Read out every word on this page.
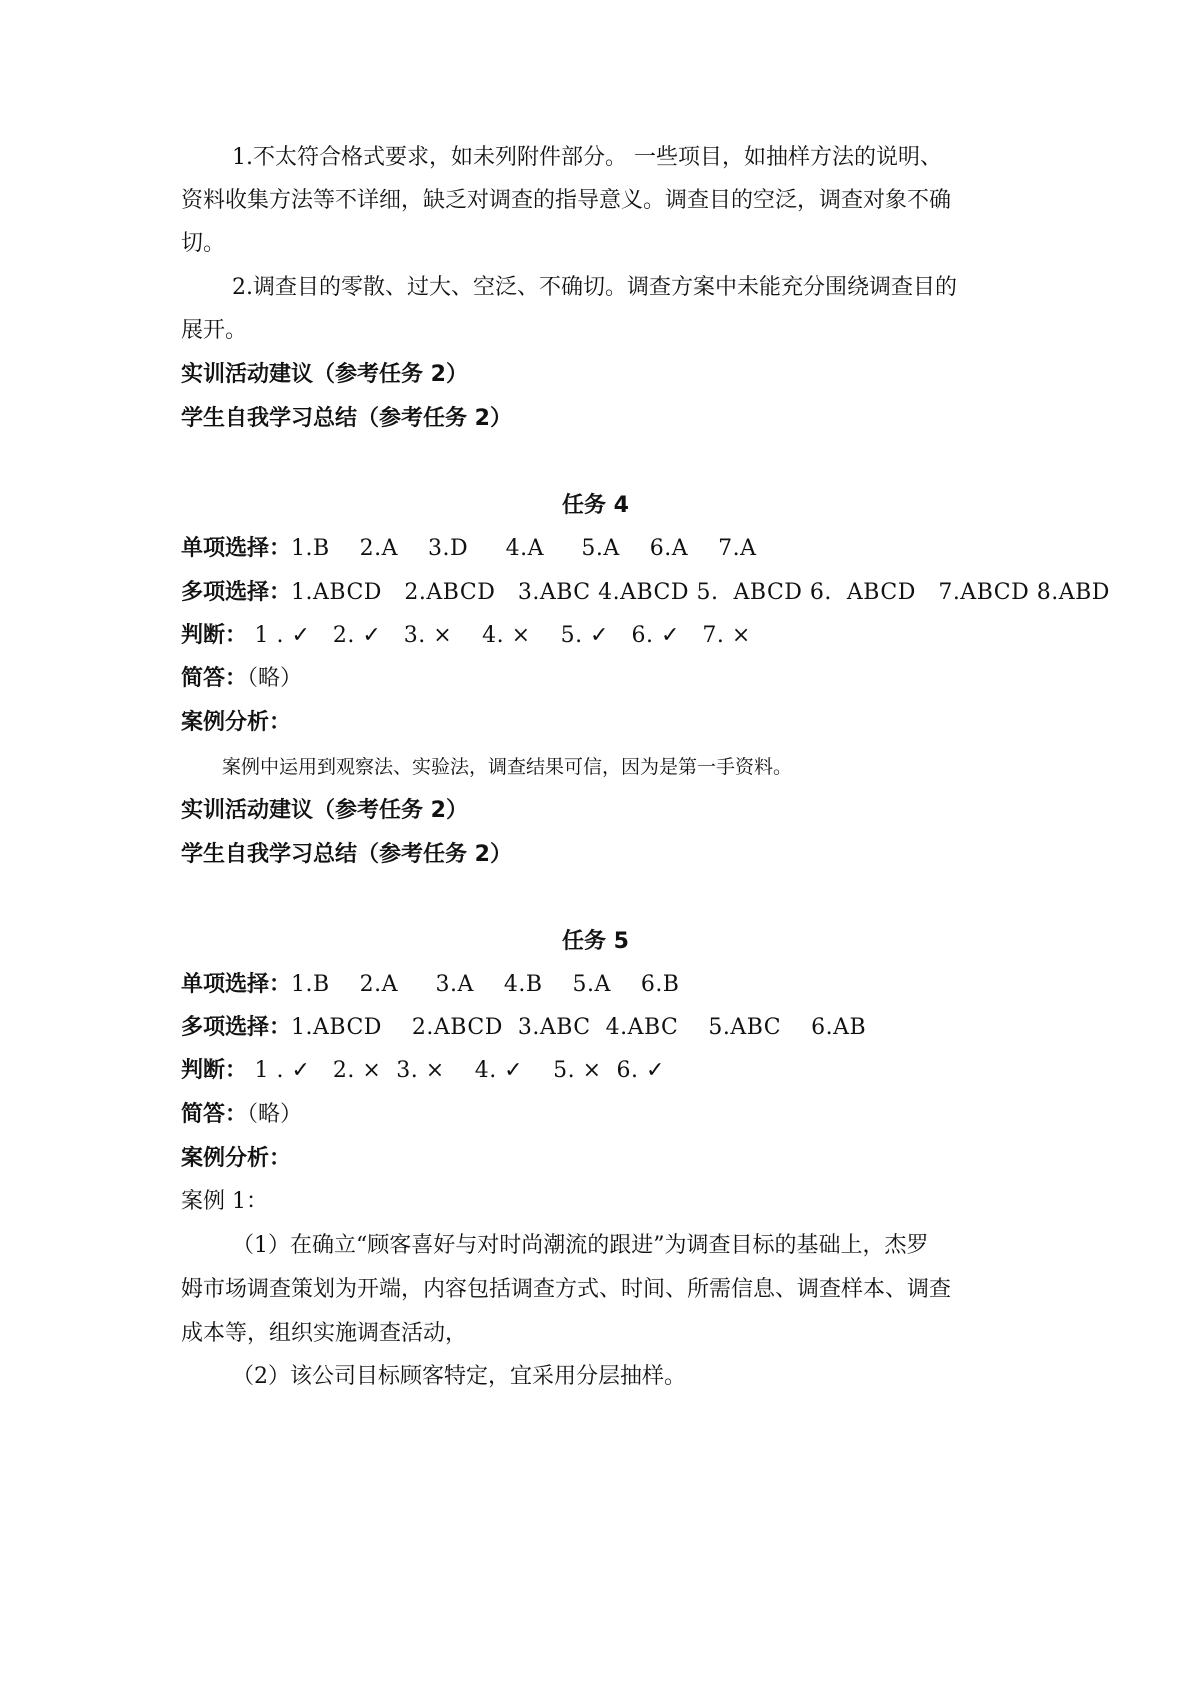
1.不太符合格式要求，如未列附件部分。 一些项目，如抽样方法的说明、
资料收集方法等不详细，缺乏对调查的指导意义。调查目的空泛，调查对象不确
切。
2.调查目的零散、过大、空泛、不确切。调查方案中未能充分围绕调查目的
展开。
实训活动建议（参考任务 2）
学生自我学习总结（参考任务 2）
任务 4
单项选择：1.B    2.A    3.D     4.A     5.A    6.A    7.A
多项选择：1.ABCD   2.ABCD   3.ABC 4.ABCD 5.  ABCD 6.  ABCD   7.ABCD 8.ABD
判断： 1 . ✓   2. ✓   3. ×    4. ×    5. ✓   6. ✓   7. ×
简答：（略）
案例分析：
案例中运用到观察法、实验法，调查结果可信，因为是第一手资料。
实训活动建议（参考任务 2）
学生自我学习总结（参考任务 2）
任务 5
单项选择：1.B    2.A     3.A    4.B    5.A    6.B
多项选择：1.ABCD    2.ABCD  3.ABC  4.ABC    5.ABC    6.AB
判断： 1 . ✓   2. ×  3. ×    4. ✓    5. ×  6. ✓
简答：（略）
案例分析：
案例 1：
（1）在确立“顾客喜好与对时尚潮流的跟进”为调查目标的基础上，杰罗
姆市场调查策划为开端，内容包括调查方式、时间、所需信息、调查样本、调查
成本等，组织实施调查活动，
（2）该公司目标顾客特定，宜采用分层抽样。
